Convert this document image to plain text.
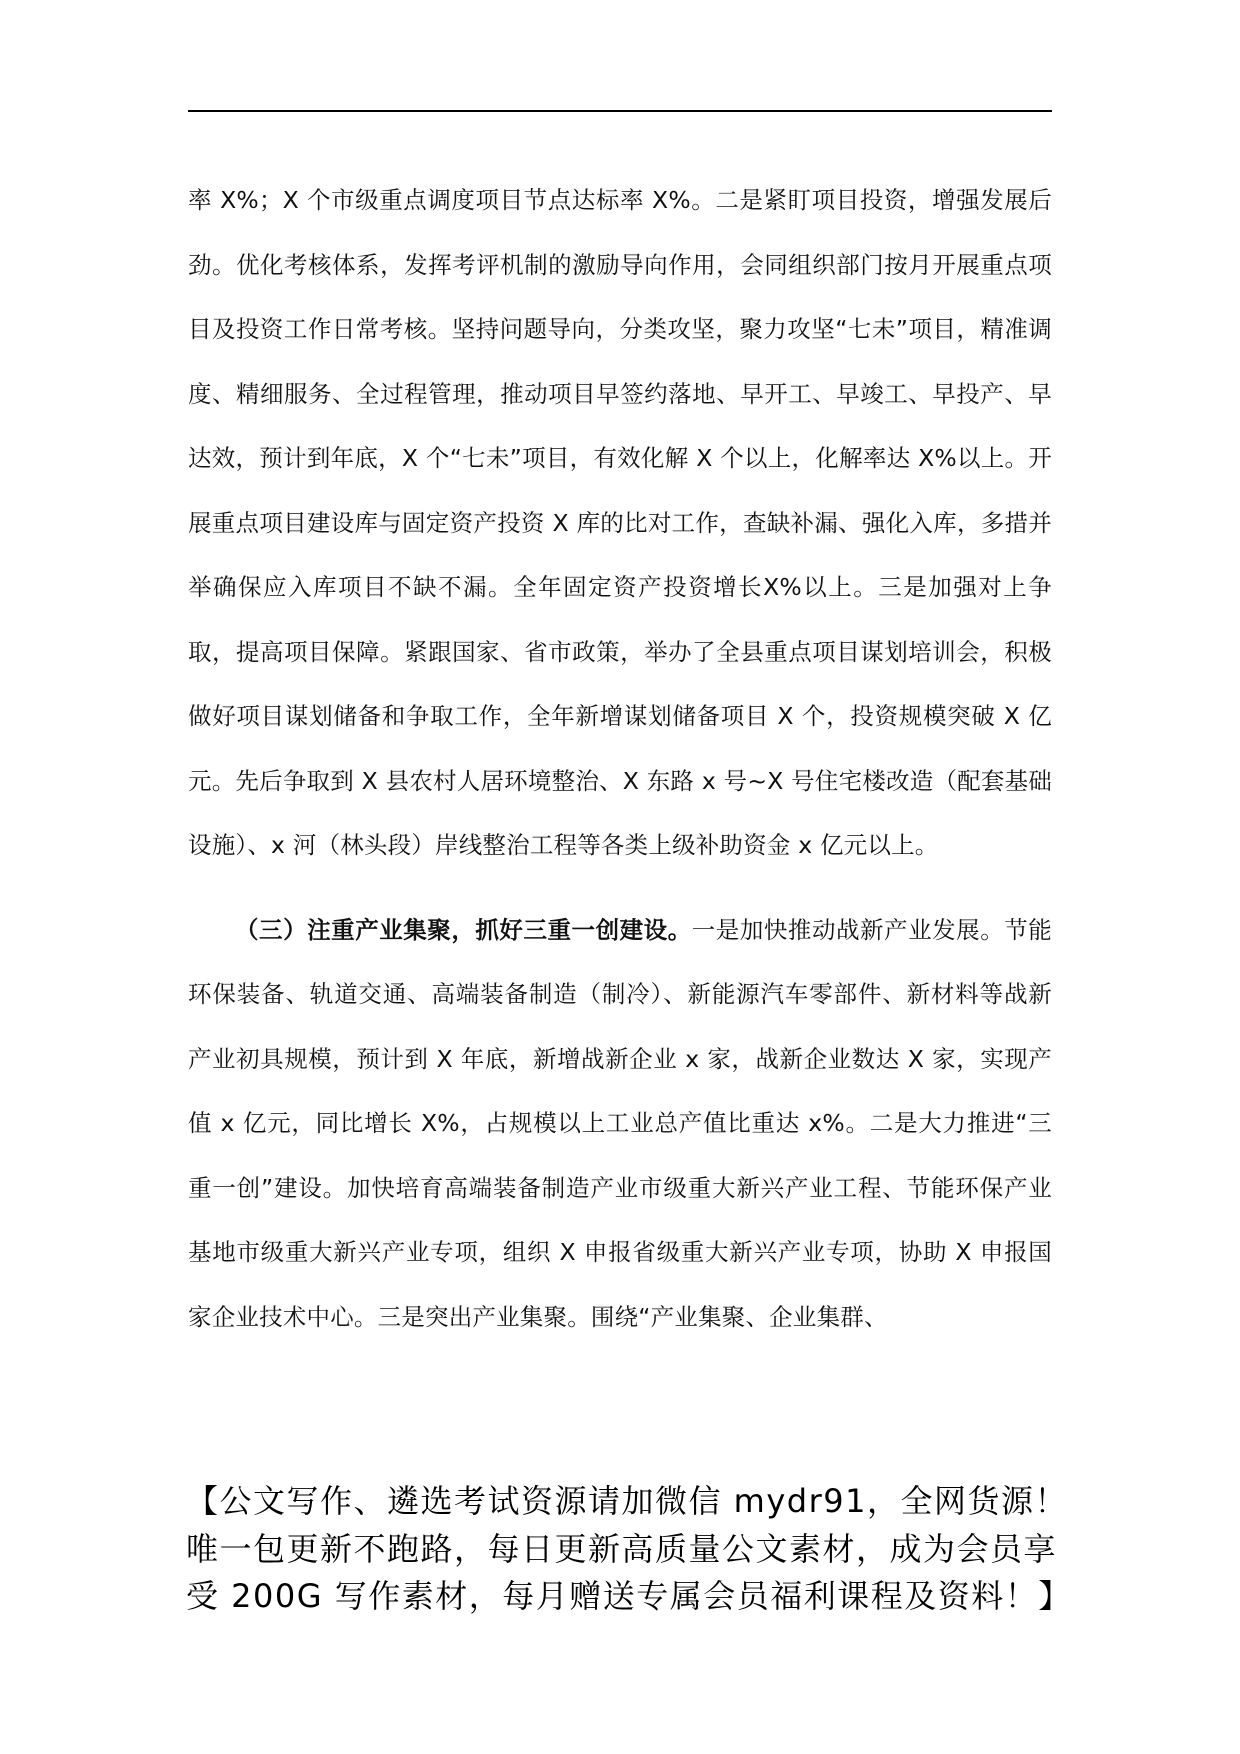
率 X%；X 个市级重点调度项目节点达标率 X%。二是紧盯项目投资，增强发展后劲。优化考核体系，发挥考评机制的激励导向作用，会同组织部门按月开展重点项目及投资工作日常考核。坚持问题导向，分类攻坚，聚力攻坚“七未”项目，精准调度、精细服务、全过程管理，推动项目早签约落地、早开工、早竣工、早投产、早达效，预计到年底，X 个“七未”项目，有效化解 X 个以上，化解率达 X%以上。开展重点项目建设库与固定资产投资 X 库的比对工作，查缺补漏、强化入库，多措并举确保应入库项目不缺不漏。全年固定资产投资增长X%以上。三是加强对上争取，提高项目保障。紧跟国家、省市政策，举办了全县重点项目谋划培训会，积极做好项目谋划储备和争取工作，全年新增谋划储备项目 X 个，投资规模突破 X 亿元。先后争取到 X 县农村人居环境整治、X 东路 x 号~X 号住宅楼改造（配套基础设施）、x 河（林头段）岸线整治工程等各类上级补助资金 x 亿元以上。

（三）注重产业集聚，抓好三重一创建设。一是加快推动战新产业发展。节能环保装备、轨道交通、高端装备制造（制冷）、新能源汽车零部件、新材料等战新产业初具规模，预计到 X 年底，新增战新企业 x 家，战新企业数达 X 家，实现产值 x 亿元，同比增长 X%，占规模以上工业总产值比重达 x%。二是大力推进“三重一创”建设。加快培育高端装备制造产业市级重大新兴产业工程、节能环保产业基地市级重大新兴产业专项，组织 X 申报省级重大新兴产业专项，协助 X 申报国家企业技术中心。三是突出产业集聚。围绕“产业集聚、企业集群、

【公文写作、遴选考试资源请加微信 mydr91，全网货源！唯一包更新不跑路，每日更新高质量公文素材，成为会员享受 200G 写作素材，每月赠送专属会员福利课程及资料！】
